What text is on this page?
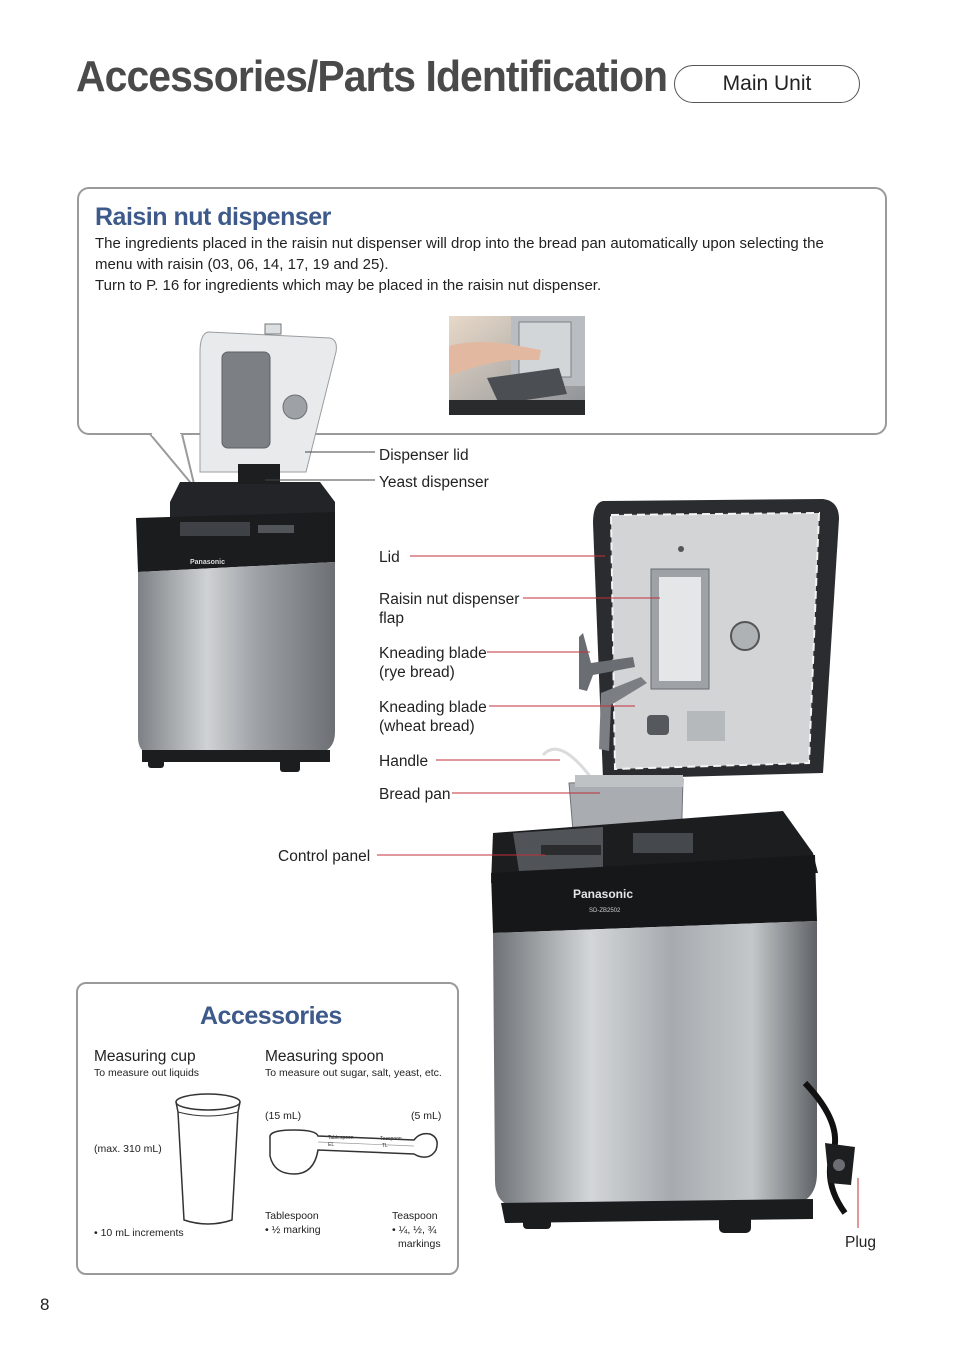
Accessories/Parts Identification	Main Unit
Raisin nut dispenser
The ingredients placed in the raisin nut dispenser will drop into the bread pan automatically upon selecting the
menu with raisin (03, 06, 14, 17, 19 and 25).
Turn to P. 16 for ingredients which may be placed in the raisin nut dispenser.
Panasonic
Panasonic
SD-ZB2502
Dispenser lid
Yeast dispenser
Lid
Raisin nut dispenser
flap
Kneading blade
(rye bread)
Kneading blade
(wheat bread)
Handle
Bread pan
Control panel
Plug
Accessories
Measuring cup
To measure out liquids
(max. 310 mL)
• 10 mL increments
Measuring spoon
To measure out sugar, salt, yeast, etc.
(15 mL)	(5 mL)
Tablespoon
EL
Teaspoon
TL
Tablespoon
• ½ marking
Teaspoon
• ¼, ½, ¾
markings
8
